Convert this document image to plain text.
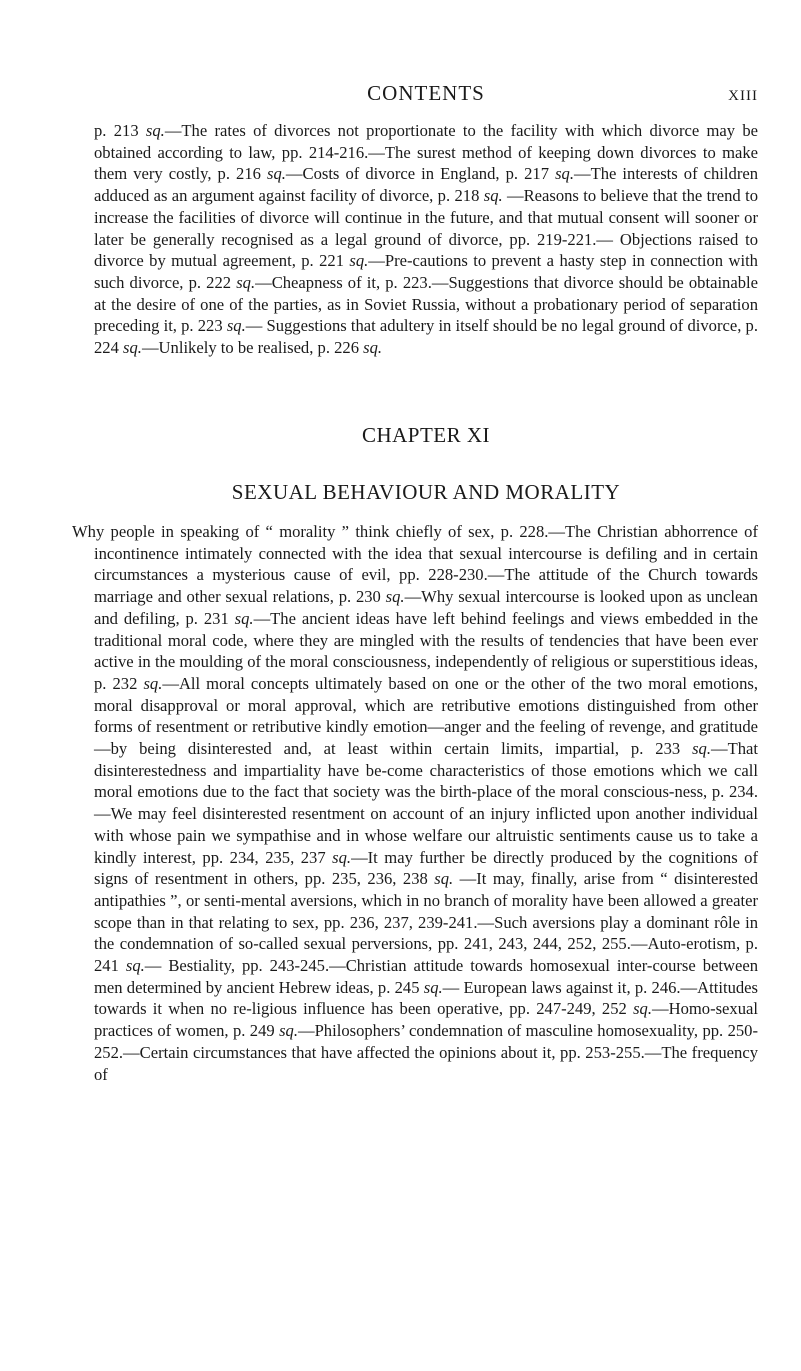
CONTENTS	xiii

p. 213 sq.—The rates of divorces not proportionate to the facility with which divorce may be obtained according to law, pp. 214-216.—The surest method of keeping down divorces to make them very costly, p. 216 sq.—Costs of divorce in England, p. 217 sq.—The interests of children adduced as an argument against facility of divorce, p. 218 sq. —Reasons to believe that the trend to increase the facilities of divorce will continue in the future, and that mutual consent will sooner or later be generally recognised as a legal ground of divorce, pp. 219-221.— Objections raised to divorce by mutual agreement, p. 221 sq.—Pre-cautions to prevent a hasty step in connection with such divorce, p. 222 sq.—Cheapness of it, p. 223.—Suggestions that divorce should be obtainable at the desire of one of the parties, as in Soviet Russia, without a probationary period of separation preceding it, p. 223 sq.— Suggestions that adultery in itself should be no legal ground of divorce, p. 224 sq.—Unlikely to be realised, p. 226 sq.

CHAPTER XI
SEXUAL BEHAVIOUR AND MORALITY

Why people in speaking of “ morality ” think chiefly of sex, p. 228.—The Christian abhorrence of incontinence intimately connected with the idea that sexual intercourse is defiling and in certain circumstances a mysterious cause of evil, pp. 228-230.—The attitude of the Church towards marriage and other sexual relations, p. 230 sq.—Why sexual intercourse is looked upon as unclean and defiling, p. 231 sq.—The ancient ideas have left behind feelings and views embedded in the traditional moral code, where they are mingled with the results of tendencies that have been ever active in the moulding of the moral consciousness, independently of religious or superstitious ideas, p. 232 sq.—All moral concepts ultimately based on one or the other of the two moral emotions, moral disapproval or moral approval, which are retributive emotions distinguished from other forms of resentment or retributive kindly emotion—anger and the feeling of revenge, and gratitude—by being disinterested and, at least within certain limits, impartial, p. 233 sq.—That disinterestedness and impartiality have be-come characteristics of those emotions which we call moral emotions due to the fact that society was the birth-place of the moral conscious-ness, p. 234.—We may feel disinterested resentment on account of an injury inflicted upon another individual with whose pain we sympathise and in whose welfare our altruistic sentiments cause us to take a kindly interest, pp. 234, 235, 237 sq.—It may further be directly produced by the cognitions of signs of resentment in others, pp. 235, 236, 238 sq. —It may, finally, arise from “ disinterested antipathies ”, or senti-mental aversions, which in no branch of morality have been allowed a greater scope than in that relating to sex, pp. 236, 237, 239-241.—Such aversions play a dominant rôle in the condemnation of so-called sexual perversions, pp. 241, 243, 244, 252, 255.—Auto-erotism, p. 241 sq.— Bestiality, pp. 243-245.—Christian attitude towards homosexual inter-course between men determined by ancient Hebrew ideas, p. 245 sq.— European laws against it, p. 246.—Attitudes towards it when no re-ligious influence has been operative, pp. 247-249, 252 sq.—Homo-sexual practices of women, p. 249 sq.—Philosophers’ condemnation of masculine homosexuality, pp. 250-252.—Certain circumstances that have affected the opinions about it, pp. 253-255.—The frequency of
